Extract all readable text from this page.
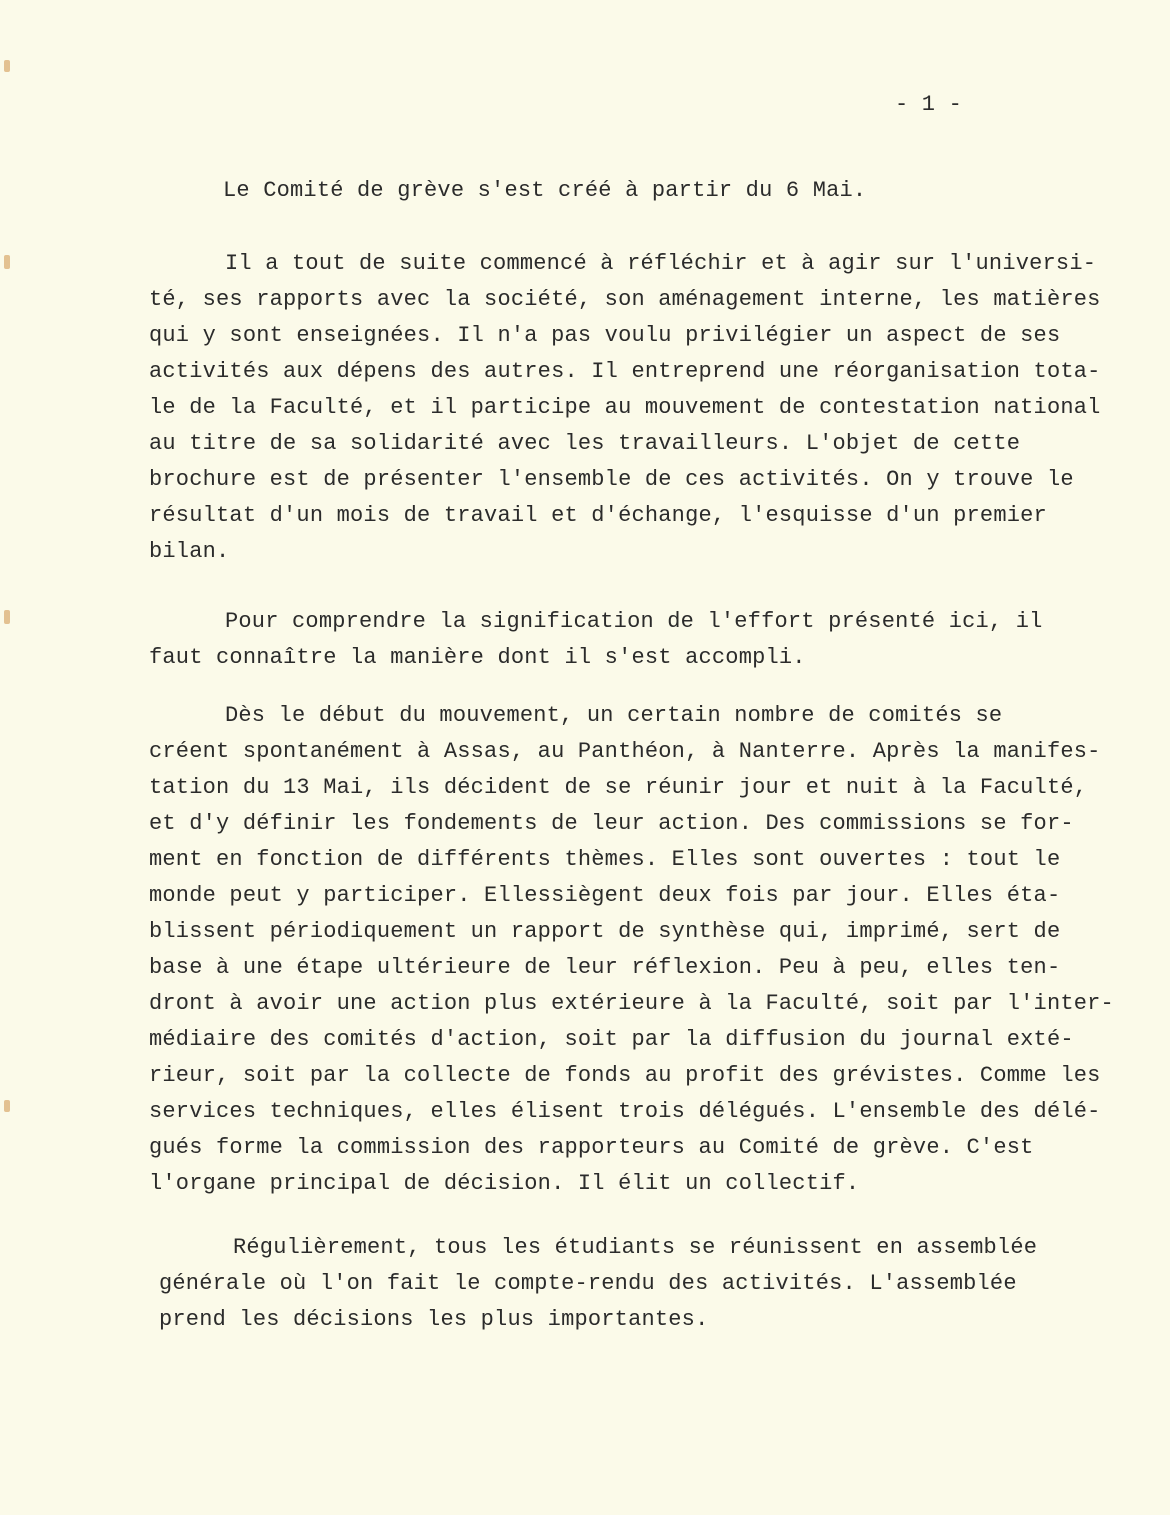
- 1 -
Le Comité de grève s'est créé à partir du 6 Mai.
Il a tout de suite commencé à réfléchir et à agir sur l'universi-
té, ses rapports avec la société, son aménagement interne, les matières
qui y sont enseignées. Il n'a pas voulu privilégier un aspect de ses
activités aux dépens des autres. Il entreprend une réorganisation tota-
le de la Faculté, et il participe au mouvement de contestation national
au titre de sa solidarité avec les travailleurs. L'objet de cette
brochure est de présenter l'ensemble de ces activités. On y trouve le
résultat d'un mois de travail et d'échange, l'esquisse d'un premier
bilan.
Pour comprendre la signification de l'effort présenté ici, il
faut connaître la manière dont il s'est accompli.
Dès le début du mouvement, un certain nombre de comités se
créent spontanément à Assas, au Panthéon, à Nanterre. Après la manifes-
tation du 13 Mai, ils décident de se réunir jour et nuit à la Faculté,
et d'y définir les fondements de leur action. Des commissions se for-
ment en fonction de différents thèmes. Elles sont ouvertes : tout le
monde peut y participer. Ellessiègent deux fois par jour. Elles éta-
blissent périodiquement un rapport de synthèse qui, imprimé, sert de
base à une étape ultérieure de leur réflexion. Peu à peu, elles ten-
dront à avoir une action plus extérieure à la Faculté, soit par l'inter-
médiaire des comités d'action, soit par la diffusion du journal exté-
rieur, soit par la collecte de fonds au profit des grévistes. Comme les
services techniques, elles élisent trois délégués. L'ensemble des délé-
gués forme la commission des rapporteurs au Comité de grève. C'est
l'organe principal de décision. Il élit un collectif.
Régulièrement, tous les étudiants se réunissent en assemblée
générale où l'on fait le compte-rendu des activités. L'assemblée
prend les décisions les plus importantes.
